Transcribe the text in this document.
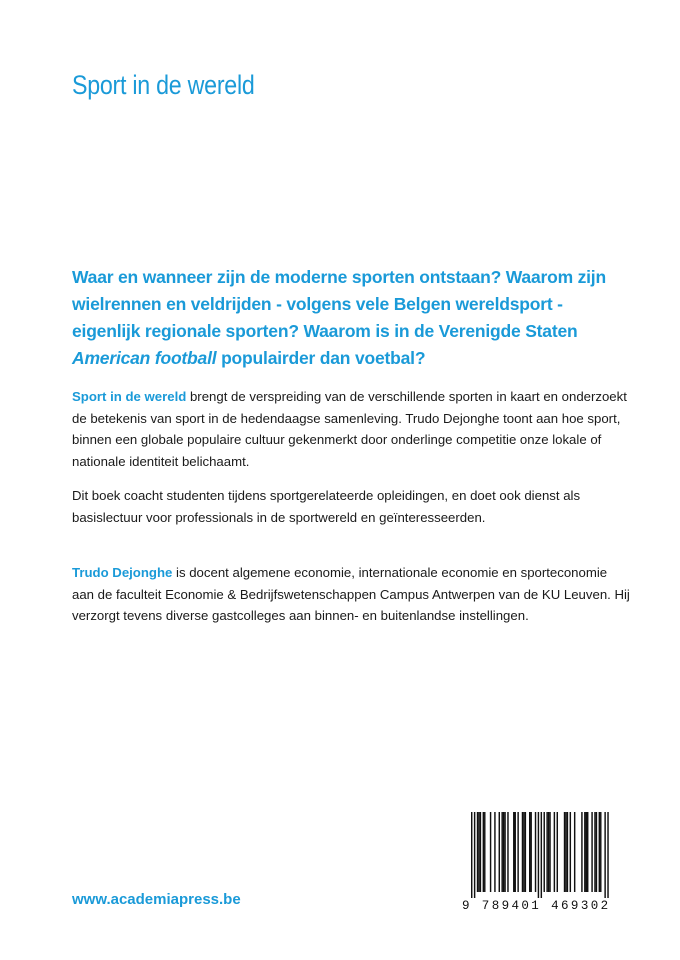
Sport in de wereld

Waar en wanneer zijn de moderne sporten ontstaan? Waarom zijn wielrennen en veldrijden - volgens vele Belgen wereldsport - eigenlijk regionale sporten? Waarom is in de Verenigde Staten American football populairder dan voetbal?

Sport in de wereld brengt de verspreiding van de verschillende sporten in kaart en onderzoekt de betekenis van sport in de hedendaagse samenleving. Trudo Dejonghe toont aan hoe sport, binnen een globale populaire cultuur gekenmerkt door onderlinge competitie onze lokale of nationale identiteit belichaamt.

Dit boek coacht studenten tijdens sportgerelateerde opleidingen, en doet ook dienst als basislectuur voor professionals in de sportwereld en geïnteresseerden.

Trudo Dejonghe is docent algemene economie, internationale economie en sporteconomie aan de faculteit Economie & Bedrijfswetenschappen Campus Antwerpen van de KU Leuven. Hij verzorgt tevens diverse gastcolleges aan binnen- en buitenlandse instellingen.

www.academiapress.be	9 789401 469302
